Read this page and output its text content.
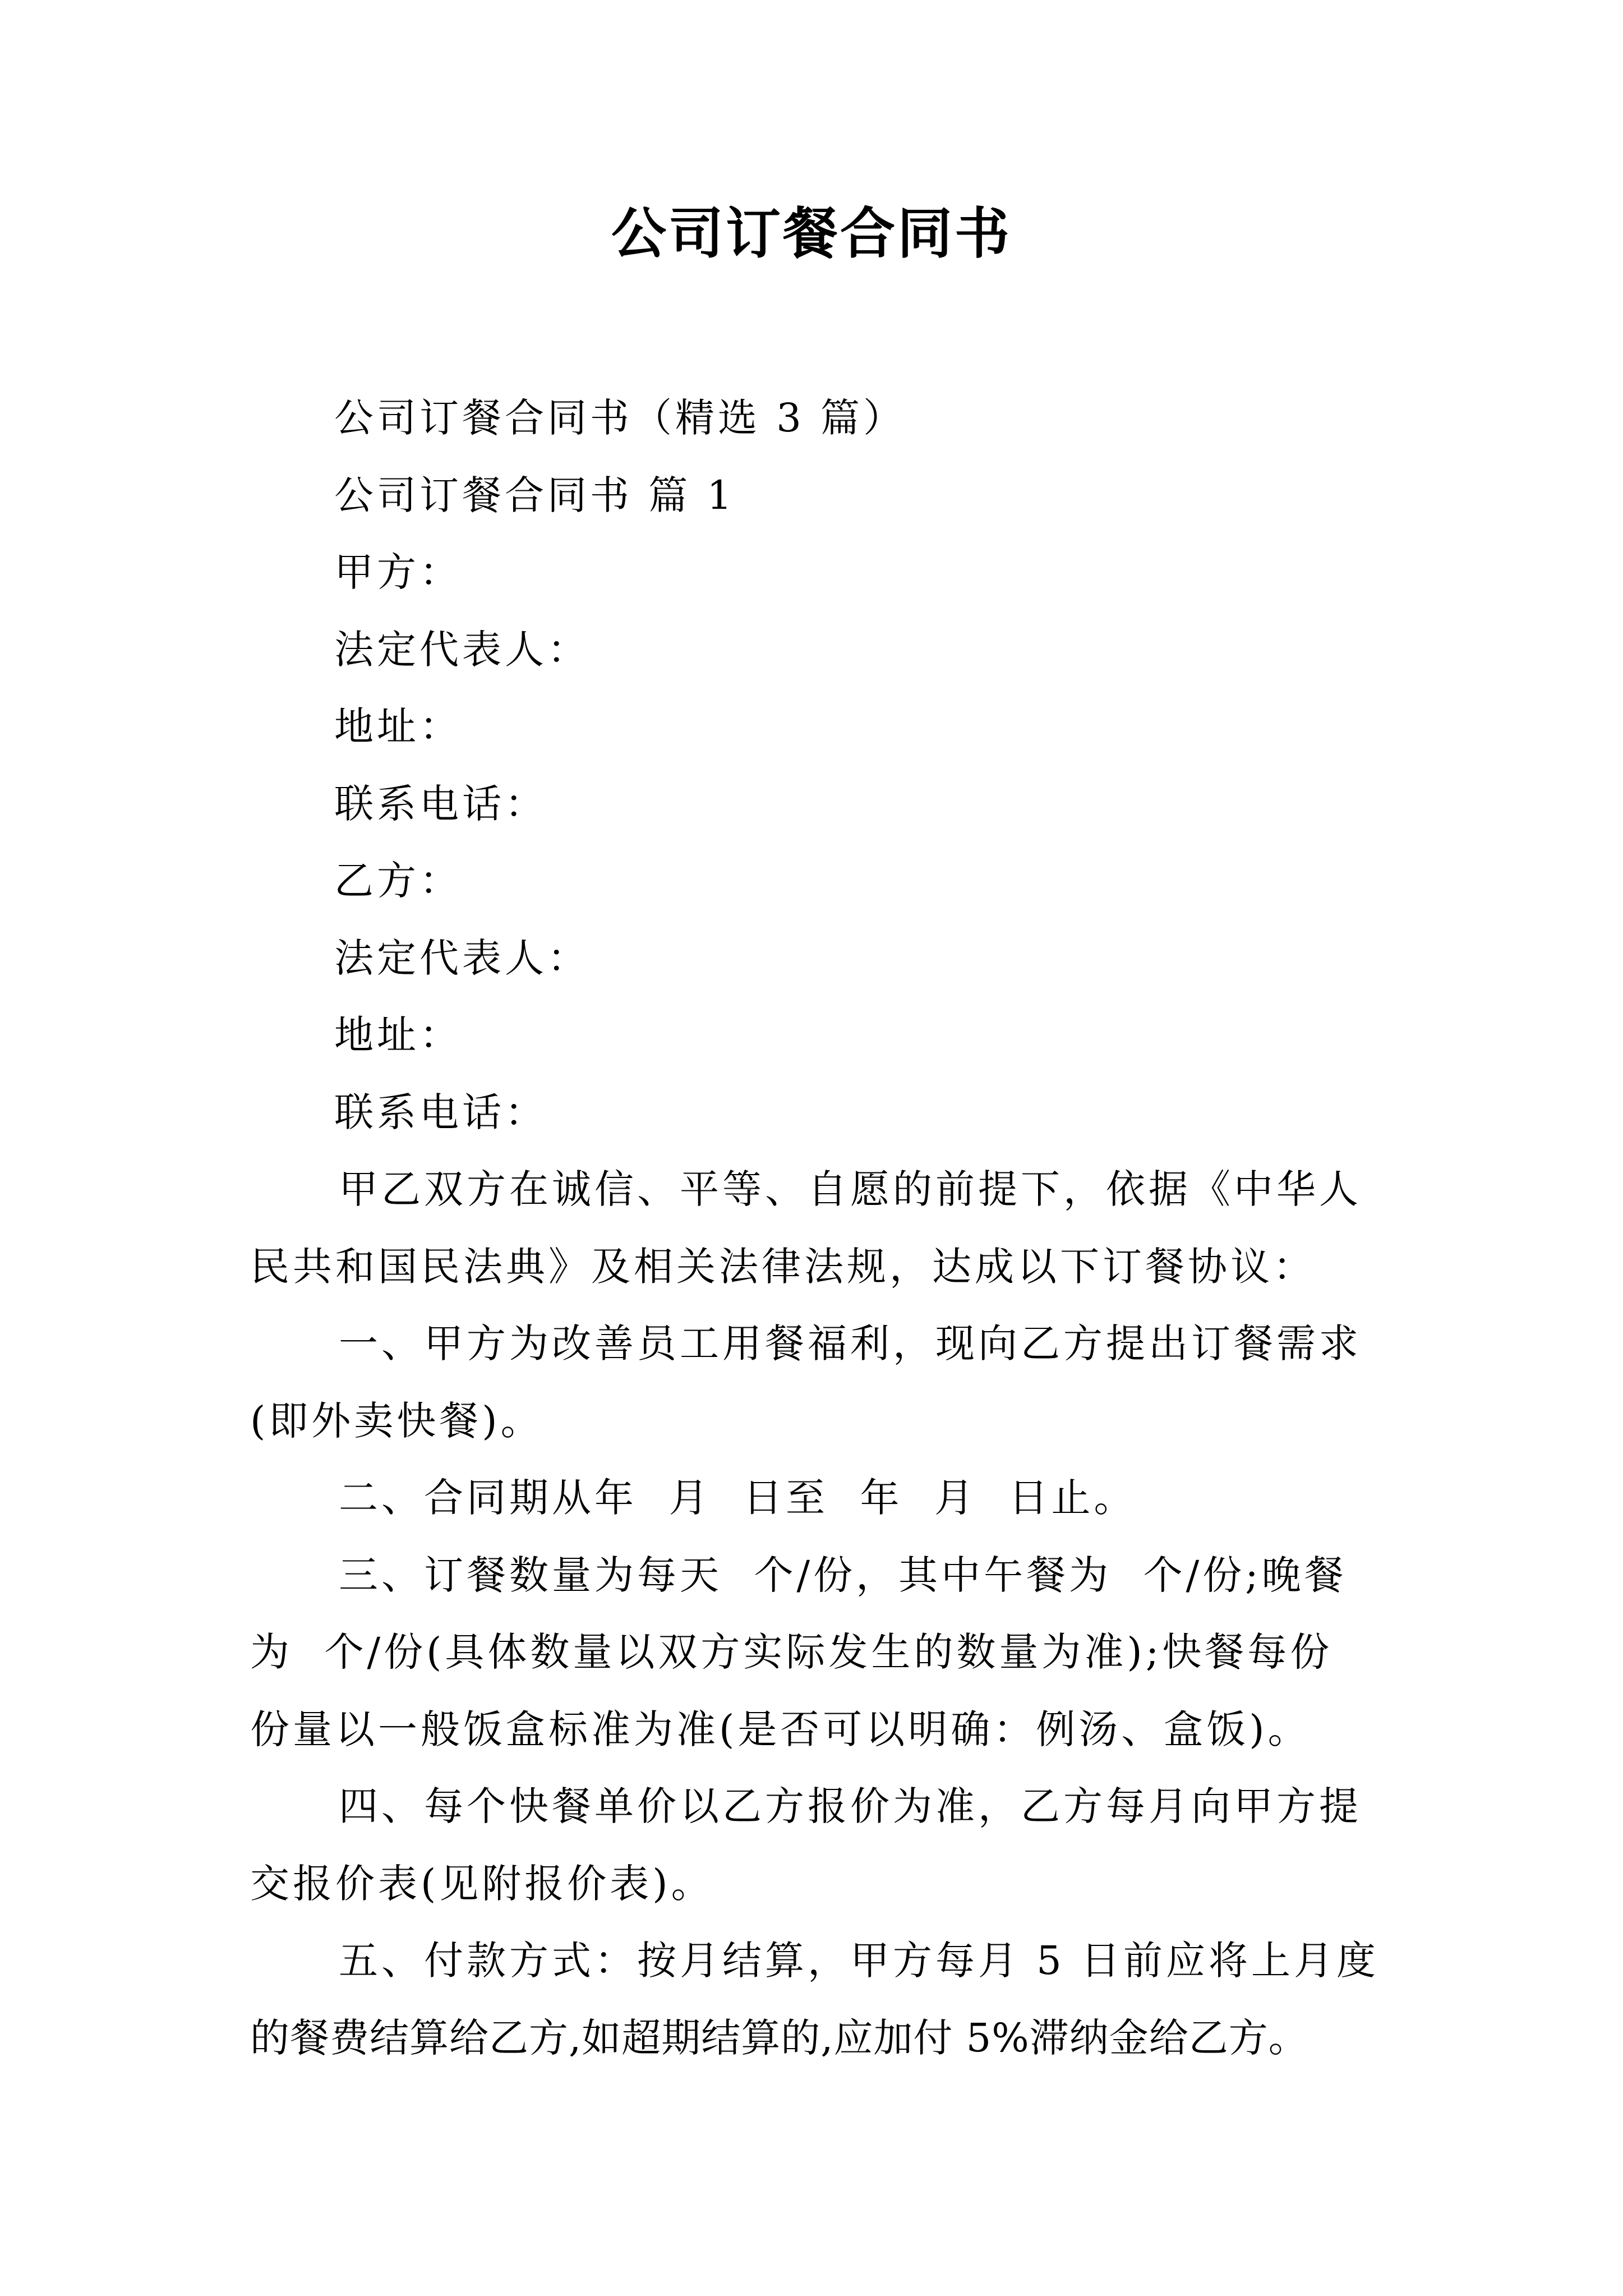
公司订餐合同书

公司订餐合同书（精选 3 篇）

公司订餐合同书 篇 1

甲方：

法定代表人：

地址：

联系电话：

乙方：

法定代表人：

地址：

联系电话：

甲乙双方在诚信、平等、自愿的前提下，依据《中华人
民共和国民法典》及相关法律法规，达成以下订餐协议：
一、甲方为改善员工用餐福利，现向乙方提出订餐需求
(即外卖快餐)。
二、合同期从年  月  日至  年  月  日止。
三、订餐数量为每天  个/份，其中午餐为  个/份;晚餐
为  个/份(具体数量以双方实际发生的数量为准);快餐每份
份量以一般饭盒标准为准(是否可以明确：例汤、盒饭)。
四、每个快餐单价以乙方报价为准，乙方每月向甲方提
交报价表(见附报价表)。
五、付款方式：按月结算，甲方每月 5 日前应将上月度
的餐费结算给乙方,如超期结算的,应加付 5%滞纳金给乙方。
